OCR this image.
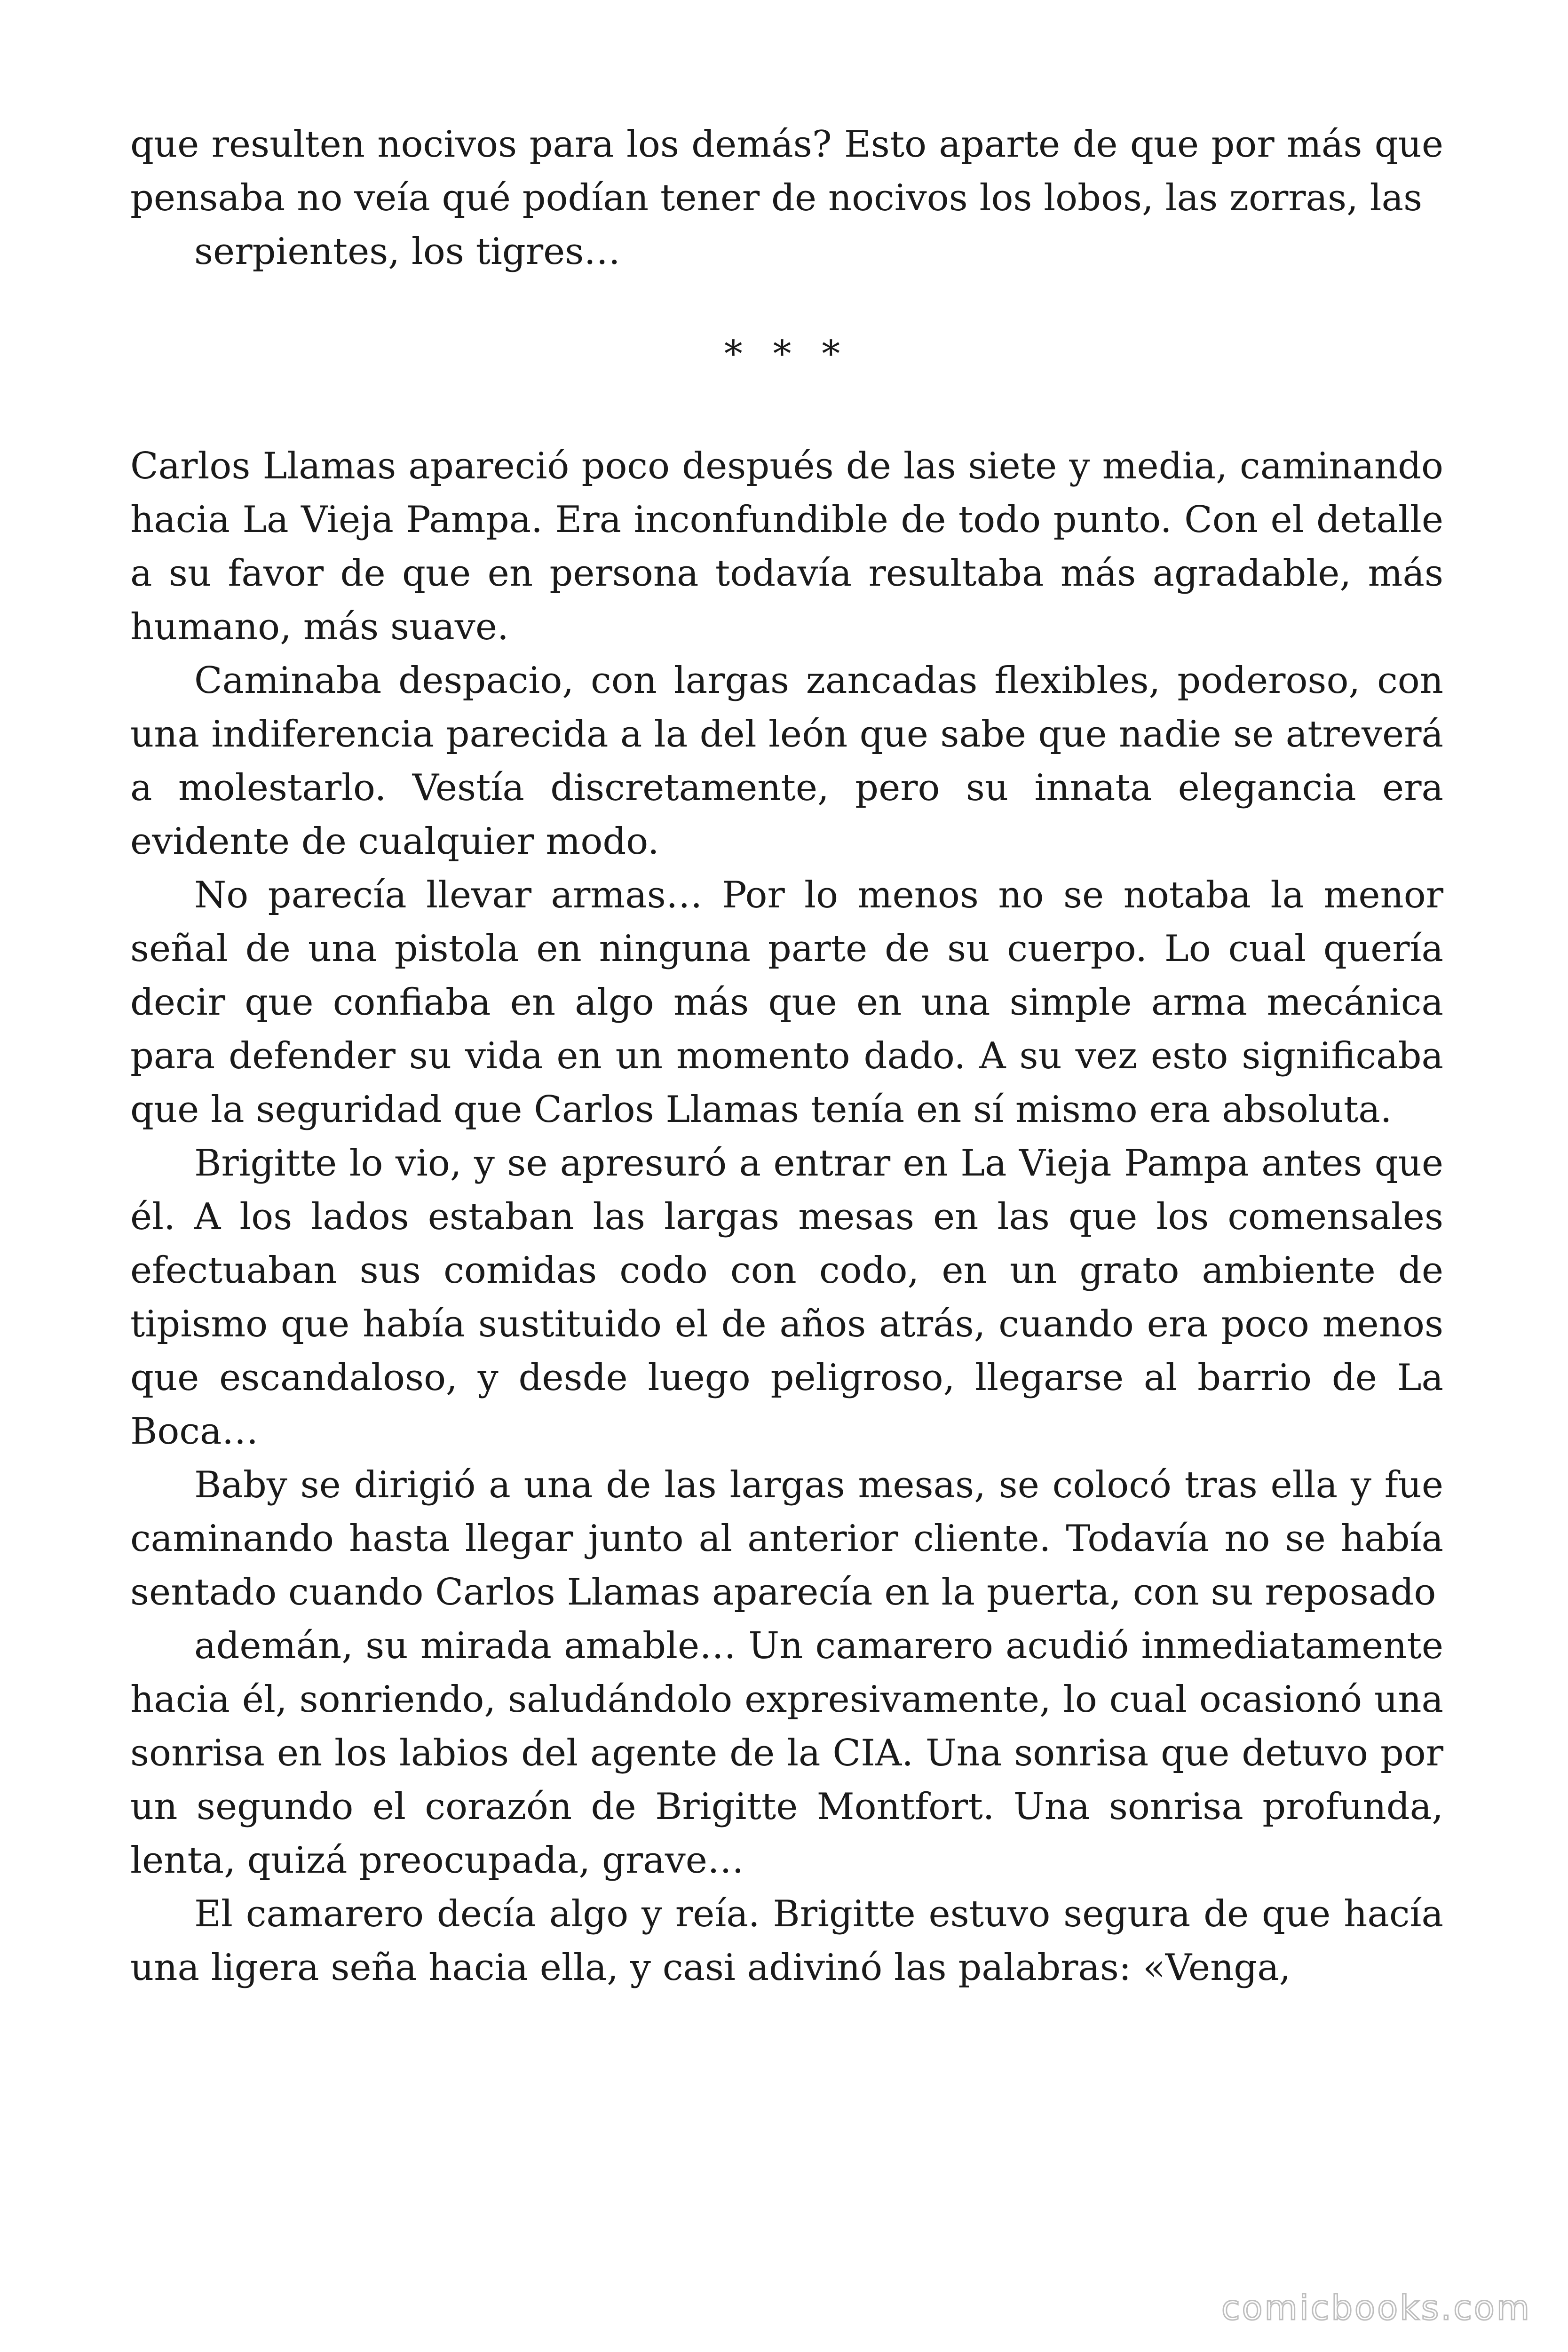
que resulten nocivos para los demás? Esto aparte de que por más que pensaba no veía qué podían tener de nocivos los lobos, las zorras, las

serpientes, los tigres…

* * *

Carlos Llamas apareció poco después de las siete y media, caminando hacia La Vieja Pampa. Era inconfundible de todo punto. Con el detalle a su favor de que en persona todavía resultaba más agradable, más humano, más suave.

Caminaba despacio, con largas zancadas flexibles, poderoso, con una indiferencia parecida a la del león que sabe que nadie se atreverá a molestarlo. Vestía discretamente, pero su innata elegancia era evidente de cualquier modo.

No parecía llevar armas… Por lo menos no se notaba la menor señal de una pistola en ninguna parte de su cuerpo. Lo cual quería decir que confiaba en algo más que en una simple arma mecánica para defender su vida en un momento dado. A su vez esto significaba que la seguridad que Carlos Llamas tenía en sí mismo era absoluta.

Brigitte lo vio, y se apresuró a entrar en La Vieja Pampa antes que él. A los lados estaban las largas mesas en las que los comensales efectuaban sus comidas codo con codo, en un grato ambiente de tipismo que había sustituido el de años atrás, cuando era poco menos que escandaloso, y desde luego peligroso, llegarse al barrio de La Boca…

Baby se dirigió a una de las largas mesas, se colocó tras ella y fue caminando hasta llegar junto al anterior cliente. Todavía no se había sentado cuando Carlos Llamas aparecía en la puerta, con su reposado

ademán, su mirada amable… Un camarero acudió inmediatamente hacia él, sonriendo, saludándolo expresivamente, lo cual ocasionó una sonrisa en los labios del agente de la CIA. Una sonrisa que detuvo por un segundo el corazón de Brigitte Montfort. Una sonrisa profunda, lenta, quizá preocupada, grave…

El camarero decía algo y reía. Brigitte estuvo segura de que hacía una ligera seña hacia ella, y casi adivinó las palabras: «Venga,

comicbooks.com
